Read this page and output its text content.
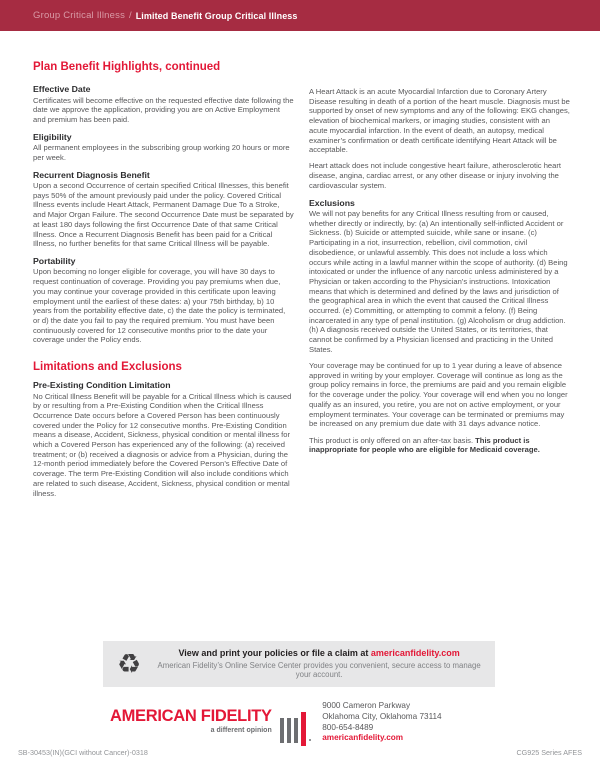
Group Critical Illness / Limited Benefit Group Critical Illness
Plan Benefit Highlights, continued
Effective Date

Certificates will become effective on the requested effective date following the date we approve the application, providing you are on Active Employment and premium has been paid.

Eligibility

All permanent employees in the subscribing group working 20 hours or more per week.

Recurrent Diagnosis Benefit

Upon a second Occurrence of certain specified Critical Illnesses, this benefit pays 50% of the amount previously paid under the policy. Covered Critical Illness events include Heart Attack, Permanent Damage Due To a Stroke, and Major Organ Failure. The second Occurrence Date must be separated by at least 180 days following the first Occurrence Date of that same Critical Illness. Once a Recurrent Diagnosis Benefit has been paid for a Critical Illness, no further benefits for that same Critical Illness will be payable.

Portability

Upon becoming no longer eligible for coverage, you will have 30 days to request continuation of coverage. Providing you pay premiums when due, you may continue your coverage provided in this certificate upon leaving employment until the earliest of these dates: a) your 75th birthday, b) 10 years from the portability effective date, c) the date the policy is terminated, or d) the date you fail to pay the required premium. You must have been continuously covered for 12 consecutive months prior to the date your coverage under the Policy ends.

Limitations and Exclusions
Pre-Existing Condition Limitation

No Critical Illness Benefit will be payable for a Critical Illness which is caused by or resulting from a Pre-Existing Condition when the Critical Illness Occurrence Date occurs before a Covered Person has been continuously covered under the Policy for 12 consecutive months. Pre-Existing Condition means a disease, Accident, Sickness, physical condition or mental illness for which a Covered Person has experienced any of the following: (a) received treatment; or (b) received a diagnosis or advice from a Physician, during the 12-month period immediately before the Covered Person’s Effective Date of coverage. The term Pre-Existing Condition will also include conditions which are related to such disease, Accident, Sickness, physical condition or mental illness.

A Heart Attack is an acute Myocardial Infarction due to Coronary Artery Disease resulting in death of a portion of the heart muscle. Diagnosis must be supported by onset of new symptoms and any of the following: EKG changes, elevation of biochemical markers, or imaging studies, consistent with an acute myocardial infarction. In the event of death, an autopsy, medical examiner’s confirmation or death certificate identifying Heart Attack will be acceptable.

Heart attack does not include congestive heart failure, atherosclerotic heart disease, angina, cardiac arrest, or any other disease or injury involving the cardiovascular system.

Exclusions

We will not pay benefits for any Critical Illness resulting from or caused, whether directly or indirectly, by: (a) An intentionally self-inflicted Accident or Sickness. (b) Suicide or attempted suicide, while sane or insane. (c) Participating in a riot, insurrection, rebellion, civil commotion, civil disobedience, or unlawful assembly. This does not include a loss which occurs while acting in a lawful manner within the scope of authority. (d) Being intoxicated or under the influence of any narcotic unless administered by a Physician or taken according to the Physician’s instructions. Intoxication means that which is determined and defined by the laws and jurisdiction of the geographical area in which the event that caused the Critical Illness occurred. (e) Committing, or attempting to commit a felony. (f) Being incarcerated in any type of penal institution. (g) Alcoholism or drug addiction. (h) A diagnosis received outside the United States, or its territories, that cannot be confirmed by a Physician licensed and practicing in the United States.

Your coverage may be continued for up to 1 year during a leave of absence approved in writing by your employer. Coverage will continue as long as the group policy remains in force, the premiums are paid and you remain eligible for the coverage under the policy. Your coverage will end when you no longer qualify as an insured, you retire, you are not on active employment, or your employment terminates. Your coverage can be terminated or premiums may be increased on any premium due date with 31 days advance notice.

This product is only offered on an after-tax basis. This product is inappropriate for people who are eligible for Medicaid coverage.

♻	View and print your policies or file a claim at americanfidelity.com
American Fidelity’s Online Service Center provides you convenient, secure access to manage your account.
AMERICAN FIDELITY
a different opinion
9000 Cameron Parkway
Oklahoma City, Oklahoma 73114
800-654-8489
americanfidelity.com
SB-30453(IN)(GCI without Cancer)-0318	CG925 Series AFES
